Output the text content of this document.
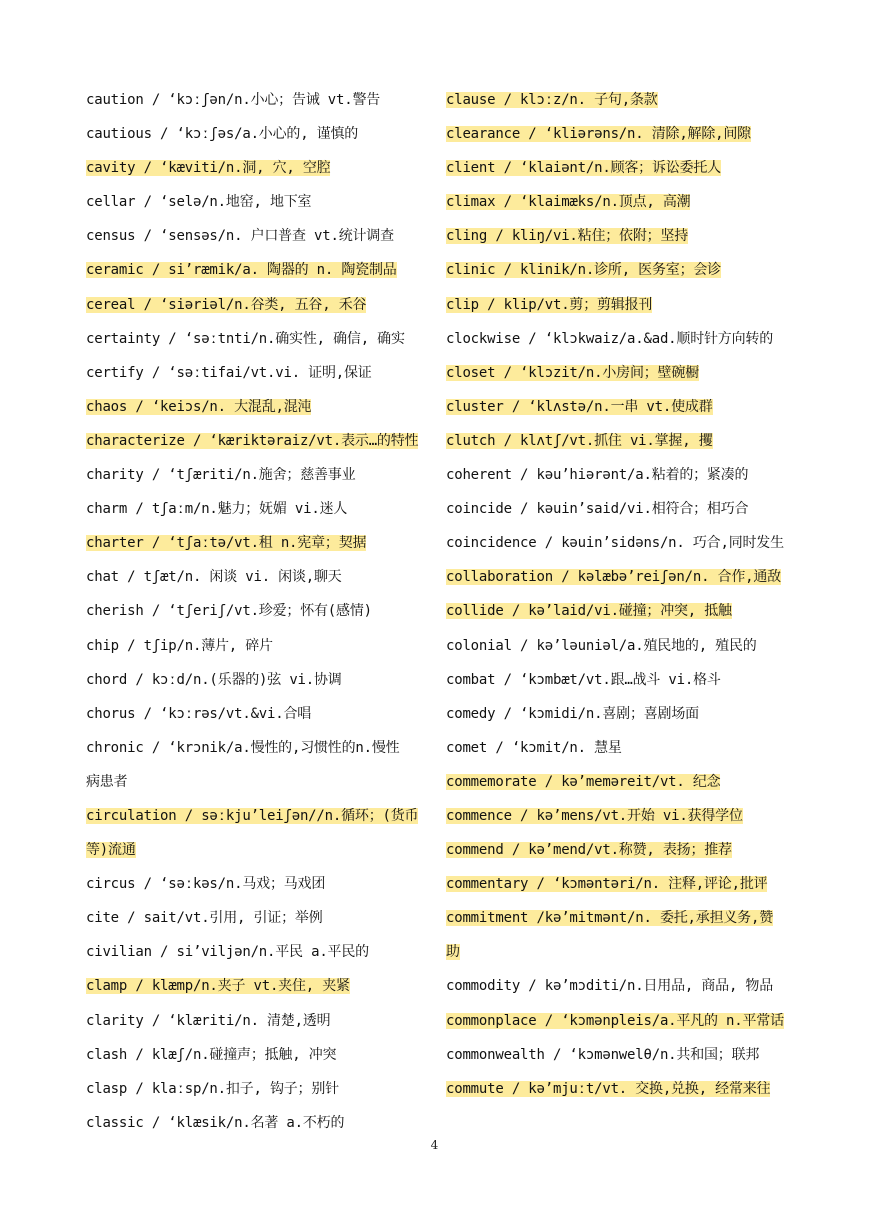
caution / ‘kɔːʃən/n.小心；告诫 vt.警告
cautious / ‘kɔːʃəs/a.小心的, 谨慎的
cavity / ‘kæviti/n.洞, 穴, 空腔
cellar / ‘selə/n.地窑, 地下室
census / ‘sensəs/n. 户口普查 vt.统计调查
ceramic / si’ræmik/a. 陶器的 n. 陶瓷制品
cereal / ‘siəriəl/n.谷类, 五谷, 禾谷
certainty / ‘səːtnti/n.确实性, 确信, 确实
certify / ‘səːtifai/vt.vi. 证明,保证
chaos / ‘keiɔs/n. 大混乱,混沌
characterize / ‘kæriktəraiz/vt.表示…的特性
charity / ‘tʃæriti/n.施舍；慈善事业
charm / tʃaːm/n.魅力；妩媚 vi.迷人
charter / ‘tʃaːtə/vt.租 n.宪章；契据
chat / tʃæt/n. 闲谈 vi. 闲谈,聊天
cherish / ‘tʃeriʃ/vt.珍爱；怀有(感情)
chip / tʃip/n.薄片, 碎片
chord / kɔːd/n.(乐器的)弦 vi.协调
chorus / ‘kɔːrəs/vt.&vi.合唱
chronic / ‘krɔnik/a.慢性的,习惯性的n.慢性
病患者
circulation / səːkju’leiʃən//n.循环；(货币
等)流通
circus / ‘səːkəs/n.马戏；马戏团
cite / sait/vt.引用, 引证；举例
civilian / si’viljən/n.平民 a.平民的
clamp / klæmp/n.夹子 vt.夹住, 夹紧
clarity / ‘klæriti/n. 清楚,透明
clash / klæʃ/n.碰撞声；抵触, 冲突
clasp / klaːsp/n.扣子, 钩子；别针
classic / ‘klæsik/n.名著 a.不朽的
clause / klɔːz/n. 子句,条款
clearance / ‘kliərəns/n. 清除,解除,间隙
client / ‘klaiənt/n.顾客；诉讼委托人
climax / ‘klaimæks/n.顶点, 高潮
cling / kliŋ/vi.粘住；依附；坚持
clinic / klinik/n.诊所, 医务室；会诊
clip / klip/vt.剪；剪辑报刊
clockwise / ‘klɔkwaiz/a.&ad.顺时针方向转的
closet / ‘klɔzit/n.小房间；壁碗橱
cluster / ‘klʌstə/n.一串 vt.使成群
clutch / klʌtʃ/vt.抓住 vi.掌握, 攫
coherent / kəu’hiərənt/a.粘着的；紧凑的
coincide / kəuin’said/vi.相符合；相巧合
coincidence / kəuin’sidəns/n. 巧合,同时发生
collaboration / kəlæbə’reiʃən/n. 合作,通敌
collide / kə’laid/vi.碰撞；冲突, 抵触
colonial / kə’ləuniəl/a.殖民地的, 殖民的
combat / ‘kɔmbæt/vt.跟…战斗 vi.格斗
comedy / ‘kɔmidi/n.喜剧；喜剧场面
comet / ‘kɔmit/n. 慧星
commemorate / kə’meməreit/vt. 纪念
commence / kə’mens/vt.开始 vi.获得学位
commend / kə’mend/vt.称赞, 表扬；推荐
commentary / ‘kɔməntəri/n. 注释,评论,批评
commitment /kə’mitmənt/n. 委托,承担义务,赞
助
commodity / kə’mɔditi/n.日用品, 商品, 物品
commonplace / ‘kɔmənpleis/a.平凡的 n.平常话
commonwealth / ‘kɔmənwelθ/n.共和国；联邦
commute / kə’mjuːt/vt. 交换,兑换, 经常来往
4
